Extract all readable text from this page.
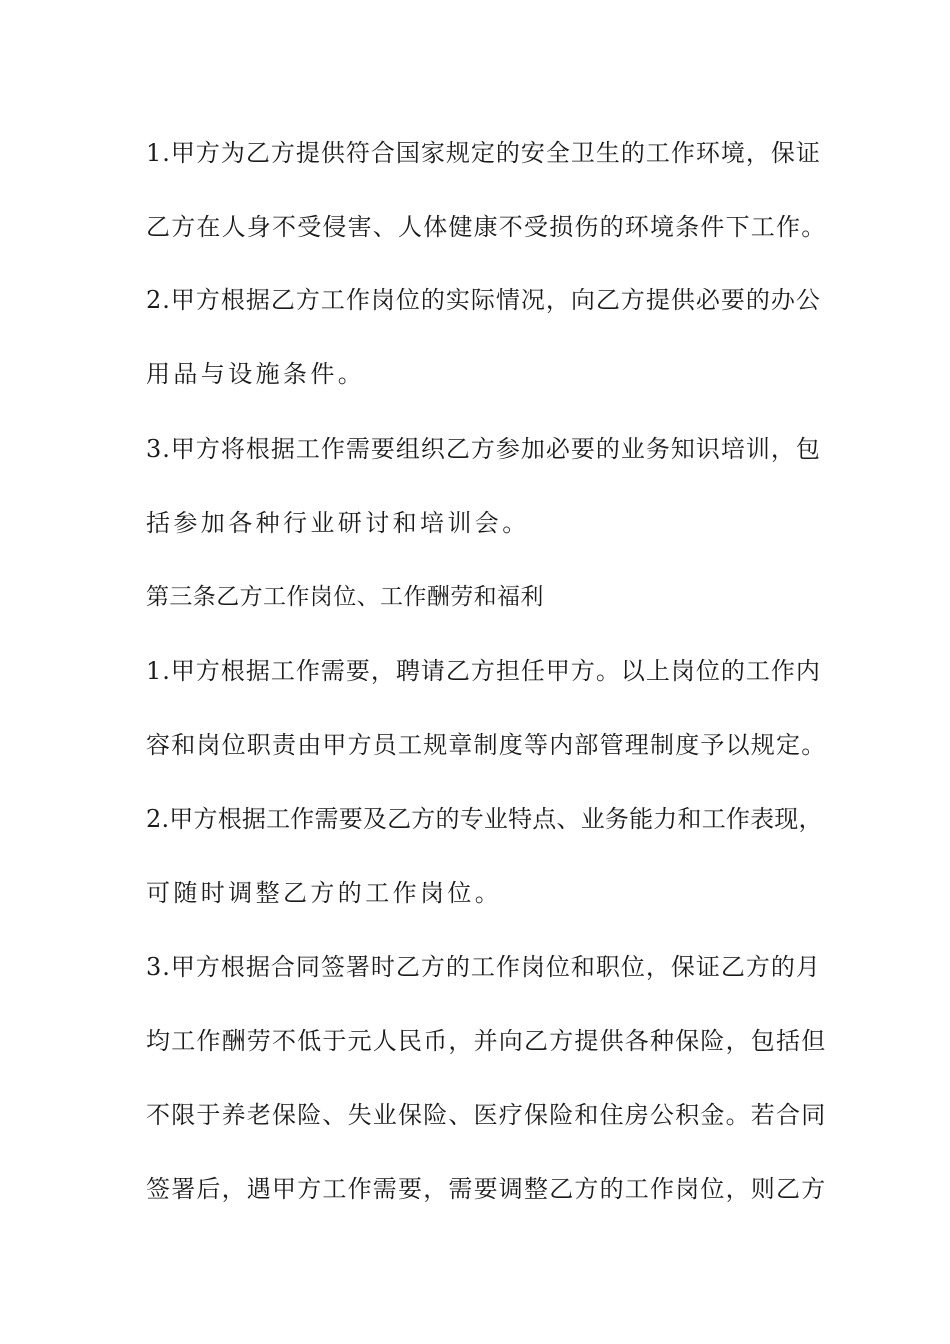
1.甲方为乙方提供符合国家规定的安全卫生的工作环境，保证
乙方在人身不受侵害、人体健康不受损伤的环境条件下工作。
2.甲方根据乙方工作岗位的实际情况，向乙方提供必要的办公
用品与设施条件。
3.甲方将根据工作需要组织乙方参加必要的业务知识培训，包
括参加各种行业研讨和培训会。
第三条乙方工作岗位、工作酬劳和福利
1.甲方根据工作需要，聘请乙方担任甲方。以上岗位的工作内
容和岗位职责由甲方员工规章制度等内部管理制度予以规定。
2.甲方根据工作需要及乙方的专业特点、业务能力和工作表现，
可随时调整乙方的工作岗位。
3.甲方根据合同签署时乙方的工作岗位和职位，保证乙方的月
均工作酬劳不低于元人民币，并向乙方提供各种保险，包括但
不限于养老保险、失业保险、医疗保险和住房公积金。若合同
签署后，遇甲方工作需要，需要调整乙方的工作岗位，则乙方
